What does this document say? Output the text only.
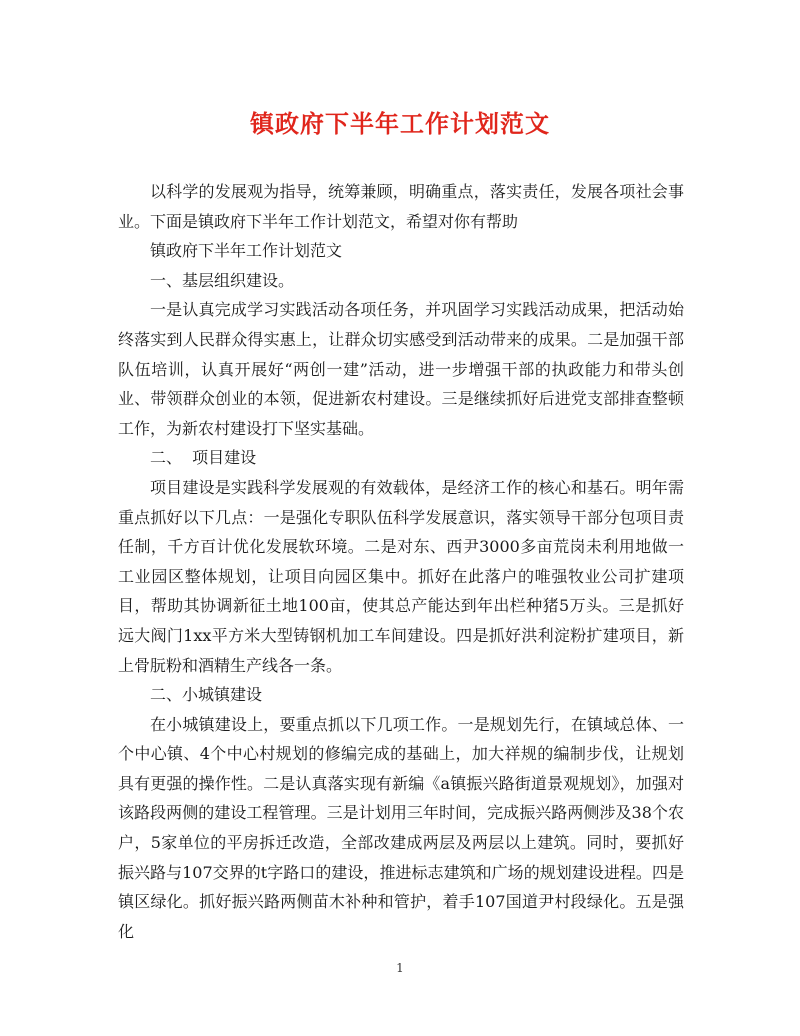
镇政府下半年工作计划范文

以科学的发展观为指导，统筹兼顾，明确重点，落实责任，发展各项社会事业。下面是镇政府下半年工作计划范文，希望对你有帮助

镇政府下半年工作计划范文

一、基层组织建设。

一是认真完成学习实践活动各项任务，并巩固学习实践活动成果，把活动始终落实到人民群众得实惠上，让群众切实感受到活动带来的成果。二是加强干部队伍培训，认真开展好“两创一建”活动，进一步增强干部的执政能力和带头创业、带领群众创业的本领，促进新农村建设。三是继续抓好后进党支部排查整顿工作，为新农村建设打下坚实基础。

二、  项目建设

项目建设是实践科学发展观的有效载体，是经济工作的核心和基石。明年需重点抓好以下几点：一是强化专职队伍科学发展意识，落实领导干部分包项目责任制，千方百计优化发展软环境。二是对东、西尹3000多亩荒岗未利用地做一工业园区整体规划，让项目向园区集中。抓好在此落户的唯强牧业公司扩建项目，帮助其协调新征土地100亩，使其总产能达到年出栏种猪5万头。三是抓好远大阀门1xx平方米大型铸钢机加工车间建设。四是抓好洪利淀粉扩建项目，新上骨朊粉和酒精生产线各一条。

二、小城镇建设

在小城镇建设上，要重点抓以下几项工作。一是规划先行，在镇域总体、一个中心镇、4个中心村规划的修编完成的基础上，加大祥规的编制步伐，让规划具有更强的操作性。二是认真落实现有新编《a镇振兴路街道景观规划》，加强对该路段两侧的建设工程管理。三是计划用三年时间，完成振兴路两侧涉及38个农户，5家单位的平房拆迁改造，全部改建成两层及两层以上建筑。同时，要抓好振兴路与107交界的t字路口的建设，推进标志建筑和广场的规划建设进程。四是镇区绿化。抓好振兴路两侧苗木补种和管护，着手107国道尹村段绿化。五是强化

1
